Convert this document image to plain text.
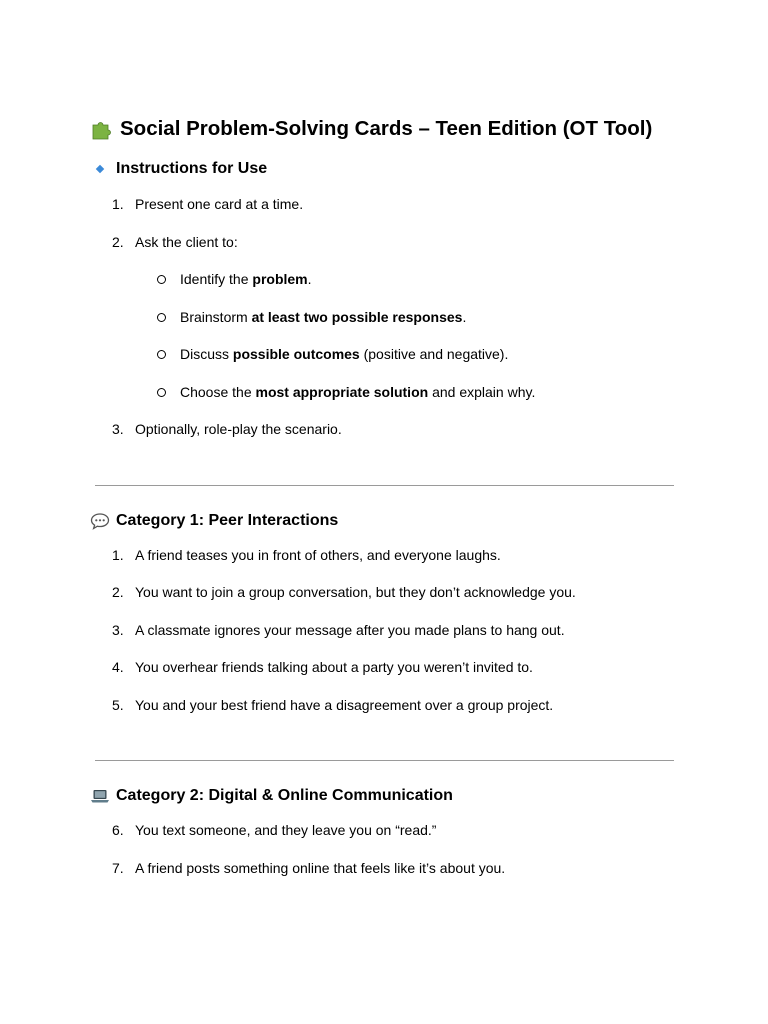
Social Problem-Solving Cards – Teen Edition (OT Tool)
Instructions for Use
1. Present one card at a time.
2. Ask the client to:
Identify the problem.
Brainstorm at least two possible responses.
Discuss possible outcomes (positive and negative).
Choose the most appropriate solution and explain why.
3. Optionally, role-play the scenario.
Category 1: Peer Interactions
1. A friend teases you in front of others, and everyone laughs.
2. You want to join a group conversation, but they don’t acknowledge you.
3. A classmate ignores your message after you made plans to hang out.
4. You overhear friends talking about a party you weren’t invited to.
5. You and your best friend have a disagreement over a group project.
Category 2: Digital & Online Communication
6. You text someone, and they leave you on “read.”
7. A friend posts something online that feels like it’s about you.
